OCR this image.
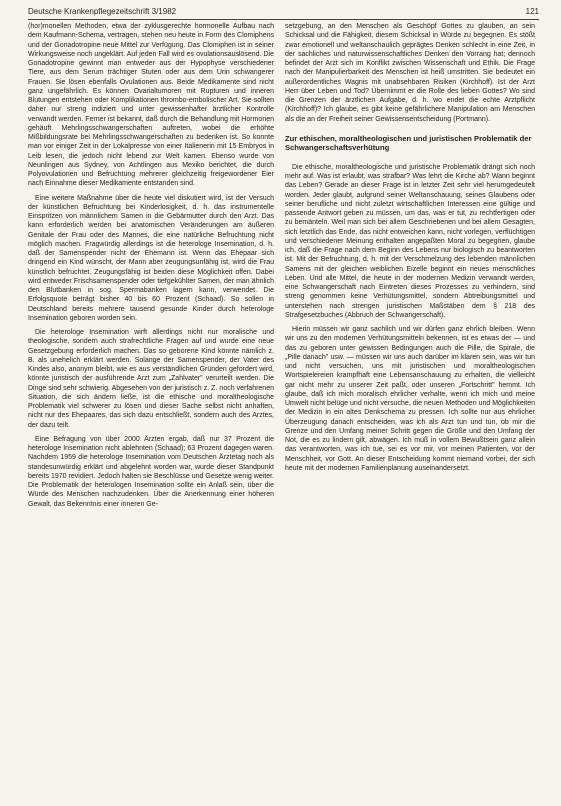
Deutsche Krankenpflegezeitschrift 3/1982	121

(hor)monellen Methoden, etwa der zyklusgerechte hormonelle Aufbau nach dem Kaufmann-Schema, vertragen, stehen neu heute in Form des Clomiphens und der Gonadotropine neue Mittel zur Verfügung. Das Clomiphen ist in seiner Wirkungsweise noch ungeklärt. Auf jeden Fall wird es ovulationsauslösend. Die Gonadotropine gewinnt man entweder aus der Hypophyse verschiedener Tiere, aus dem Serum trächtiger Stuten oder aus dem Urin schwangerer Frauen. Sie lösen ebenfalls Ovulationen aus. Beide Medikamente sind nicht ganz ungefährlich. Es können Ovarialtumoren mit Rupturen und inneren Blutungen entstehen oder Komplikationen thrombo-embolischer Art. Sie sollten daher nur streng indiziert und unter gewissenhafter ärztlicher Kontrolle verwandt werden. Ferner ist bekannt, daß durch die Behandlung mit Hormonen gehäuft Mehrlingsschwangerschaften auftreten, wobei die erhöhte Mißbildungsrate bei Mehrlingsschwangerschaften zu bedenken ist. So konnte man vor einiger Zeit in der Lokalpresse von einer Italienerin mit 15 Embryos in Leib lesen, die jedoch nicht lebend zur Welt kamen. Ebenso wurde von Neunlingen aus Sydney, von Achtlingen aus Mexiko berichtet, die durch Polyovulationen und Befruchtung mehrerer gleichzeitig freigewordener Eier nach Einnahme dieser Medikamente entstanden sind.

Eine weitere Maßnahme über die heute viel diskutiert wird, ist der Versuch der künstlichen Befruchtung bei Kinderlosigkeit, d. h. das instrumentelle Einspritzen von männlichem Samen in die Gebärmutter durch den Arzt. Das kann erforderlich werden bei anatomischen Veränderungen am äußeren Genitale der Frau oder des Mannes, die eine natürliche Befruchtung nicht möglich machen. Fragwürdig allerdings ist die heterologe Insemination, d. h. daß der Samenspender nicht der Ehemann ist. Wenn das Ehepaar sich dringend ein Kind wünscht, der Mann aber zeugungsunfähig ist, wird die Frau künstlich befruchtet. Zeugungsfähig ist beiden diese Möglichkeit offen. Dabei wird entweder Frischsamenspender oder tiefgekühlter Samen, der man ähnlich den Blutbanken in sog. Spermabanken lagern kann, verwendet. Die Erfolgsquote beträgt bisher 40 bis 60 Prozent (Schaad). So sollen in Deutschland bereits mehrere tausend gesunde Kinder durch heterologe Insemination geboren worden sein.

Die heterologe Insemination wirft allerdings nicht nur moralische und theologische, sondern auch strafrechtliche Fragen auf und wurde eine neue Gesetzgebung erforderlich machen. Das so geborene Kind könnte nämlich z. B. als unehelich erklärt werden. Solange der Samenspender, der Vater des Kindes also, anonym bleibt, wie es aus verständlichen Gründen gefordert wird, könnte juristisch der ausführende Arzt zum „Zahlvater" verurteilt werden. Die Dinge sind sehr schwierig. Abgesehen von der juristisch z. Z. noch verfahrenen Situation, die sich ändern ließe, ist die ethische und moraltheologische Problematik viel schwerer zu lösen und dieser Sache selbst nicht anhaften, nicht nur des Ehepaares, das sich dazu entschließt, sondern auch des Arztes, der dazu teilt.

Eine Befragung von über 2000 Ärzten ergab, daß nur 37 Prozent die heterologe Insemination nicht ablehnten (Schaad); 63 Prozent dagegen waren. Nachdem 1959 die heterologe Insemination vom Deutschen Ärztetag noch als standesunwürdig erklärt und abgelehnt worden war, wurde dieser Standpunkt bereits 1970 revidiert. Jedoch halten sie Beschlüsse und Gesetze wenig weiter. Die Problematik der heterologen Insemination sollte ein Anlaß sein, über die Würde des Menschen nachzudenken. Über die Anerkennung einer höheren Gewalt, das Bekenntnis einer inneren Ge-

setzgebung, an den Menschen als Geschöpf Gottes zu glauben, an sein Schicksal und die Fähigkeit, diesem Schicksal in Würde zu begegnen. Es stößt zwar emotionell und weltanschaulich geprägtes Denken schlecht in eine Zeit, in der sachliches und naturwissenschaftliches Denken den Vorrang hat; dennoch befindet der Arzt sich im Konflikt zwischen Wissenschaft und Ethik. Die Frage nach der Manipulierbarkeit des Menschen ist heiß umstritten. Sie bedeutet ein außerordentliches Wagnis mit unabsehbaren Risiken (Kirchhoff). Ist der Arzt Herr über Leben und Tod? Übernimmt er die Rolle des lieben Gottes? Wo sind die Grenzen der ärztlichen Aufgabe, d. h. wo endet die echte Arztpflicht (Kirchhoff)? Ich glaube, es gibt keine gefährlichere Manipulation am Menschen als die an der Freiheit seiner Gewissensentscheidung (Portmann).

Zur ethischen, moraltheologischen und juristischen Problematik der Schwangerschaftsverhütung

Die ethische, moraltheologische und juristische Problematik drängt sich noch mehr auf. Was ist erlaubt, was strafbar? Was lehrt die Kirche ab? Wann beginnt das Leben? Gerade an dieser Frage ist in letzter Zeit sehr viel herumgedeutelt worden. Jeder glaubt, aufgrund seiner Weltanschauung, seines Glaubens oder seiner berufliche und nicht zuletzt wirtschaftlichen Interessen eine gültige und passende Antwort geben zu müssen, um das, was er tut, zu rechtfertigen oder zu bemänteln. Weil man sich bei allem Geschriebenen und bei allem Gesagten, sich letztlich das Ende, das nicht entweichen kann, nicht vorlegen, verflüchtigen und verschiedener Meinung enthalten angepaßten Moral zu begegnen, glaube ich, daß die Frage nach dem Beginn des Lebens nur biologisch zu beantworten ist. Mit der Befruchtung, d. h. mit der Verschmelzung des lebenden männlichen Samens mit der gleichen weiblichen Eizelle beginnt ein neues menschliches Leben. Und alle Mittel, die heute in der modernen Medizin verwandt werden, eine Schwangerschaft nach Eintreten dieses Prozesses zu verhindern, sind streng genommen keine Verhütungsmittel, sondern Abtreibungsmittel und unterstehen nach strengen juristischen Maßstäben dem § 218 des Strafgesetzbuches (Abbruch der Schwangerschaft).

Hierin müssen wir ganz sachlich und wir dürfen ganz ehrlich bleiben. Wenn wir uns zu den modernen Verhütungsmitteln bekennen, ist es etwas der — und das zu geboren unter gewissen Bedingungen auch die Pille, die Spirale, die „Pille danach" usw. — müssen wir uns auch darüber im klaren sein, was wir tun und nicht versuchen, uns mit juristischen und moraltheologischen Wortspielereien krampfhaft eine Lebensanschauung zu erhalten, die vielleicht gar nicht mehr zu unserer Zeit paßt, oder unseren „Fortschritt" hemmt. Ich glaube, daß ich mich moralisch ehrlicher verhalte, wenn ich mich und meine Umwelt nicht belüge und nicht versuche, die neuen Methoden und Möglichkeiten der Medizin in ein altes Denkschema zu pressen. Ich sollte nur aus ehrlicher Überzeugung danach entscheiden, was ich als Arzt tun und tun, ob mir die Grenze und den Umfang meiner Schritt gegen die Größe und den Umfang der Not, die es zu lindern gilt, abwägen. Ich muß in vollem Bewußtsein ganz allein das verantworten, was ich tue, sei es vor mir, vor meinen Patienten, vor der Menschheit, vor Gott. An dieser Entscheidung kommt niemand vorbei, der sich heute mit der modernen Familienplanung auseinandersetzt.
